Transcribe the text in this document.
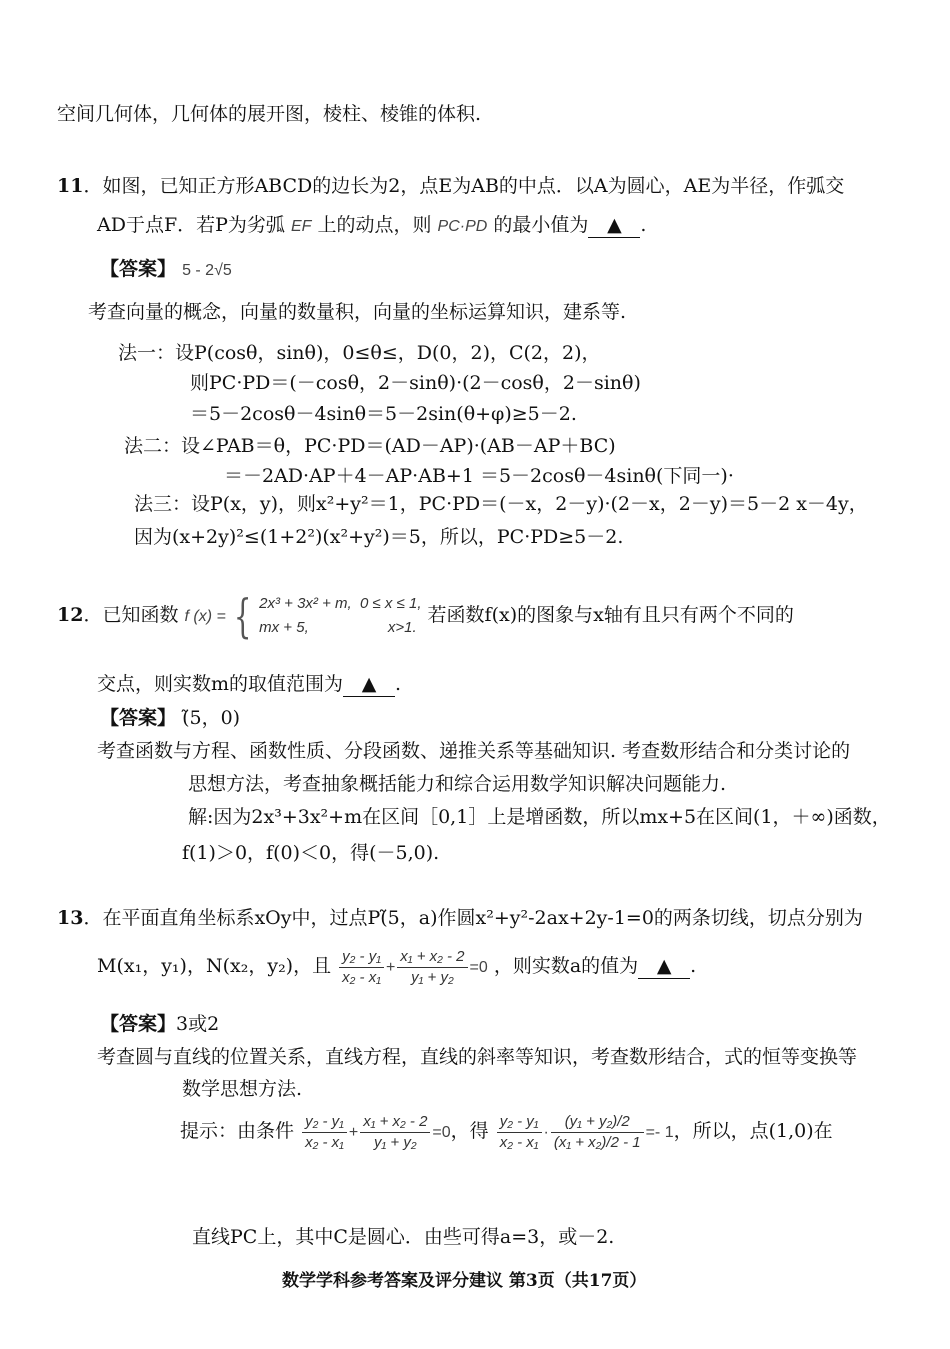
空间几何体，几何体的展开图，棱柱、棱锥的体积.
11．如图，已知正方形ABCD的边长为2，点E为AB的中点．以A为圆心，AE为半径，作弧交
AD于点F．若P为劣弧 EF 上的动点，则 PC·PD 的最小值为 ▲ .
【答案】 5 - 2√5
考查向量的概念，向量的数量积，向量的坐标运算知识，建系等.
法一：设P(cosθ，sinθ)，0≤θ≤，D(0，2)，C(2，2)，
则PC·PD＝(－cosθ，2－sinθ)·(2－cosθ，2－sinθ)
＝5－2cosθ－4sinθ＝5－2sin(θ+φ)≥5－2.
法二：设∠PAB＝θ，PC·PD＝(AD－AP)·(AB－AP＋BC)
＝－2AD·AP＋4－AP·AB+1 ＝5－2cosθ－4sinθ(下同一)·
法三：设P(x，y)，则x²+y²＝1，PC·PD＝(－x，2－y)·(2－x，2－y)＝5－2 x－4y，
因为(x+2y)²≤(1+2²)(x²+y²)＝5，所以，PC·PD≥5－2.
12．已知函数 f (x) = { 2x³ + 3x² + m,  0 ≤ x ≤ 1,
mx + 5,                   x>1.
若函数f(x)的图象与x轴有且只有两个不同的
交点，则实数m的取值范围为 ▲ .
【答案】 (̃5，0)
考查函数与方程、函数性质、分段函数、递推关系等基础知识. 考查数形结合和分类讨论的
思想方法，考查抽象概括能力和综合运用数学知识解决问题能力.
解:因为2x³+3x²+m在区间［0,1］上是增函数，所以mx+5在区间(1，＋∞)函数，
f(1)＞0，f(0)＜0，得(－5,0).
13．在平面直角坐标系xOy中，过点P(̃5，a)作圆x²+y²-2ax+2y-1=0的两条切线，切点分别为
M(x₁，y₁)，N(x₂，y₂)，且 $\frac{\text{y₂ - y₁}}{\text{x₂ - x₁}} + \frac{\text{x₁ + x₂ - 2}}{\text{y₁ + y₂}} =0$ ，则实数a的值为 ▲ .
【答案】3或2
考查圆与直线的位置关系，直线方程，直线的斜率等知识，考查数形结合，式的恒等变换等
数学思想方法.
提示：由条件 $\frac{\text{y₂ - y₁}}{\text{x₂ - x₁}} + \frac{\text{x₁ + x₂ - 2}}{\text{y₁ + y₂}} =0$，得 $\frac{\text{y₂ - y₁}}{\text{x₂ - x₁}} \cdot \frac{\text{(y₁ + y₂)/2}}{\text{(x₁ + x₂)/2 - 1}} =- 1$，所以，点(1,0)在
直线PC上，其中C是圆心．由些可得a=3，或－2.
数学学科参考答案及评分建议 第3页（共17页）
